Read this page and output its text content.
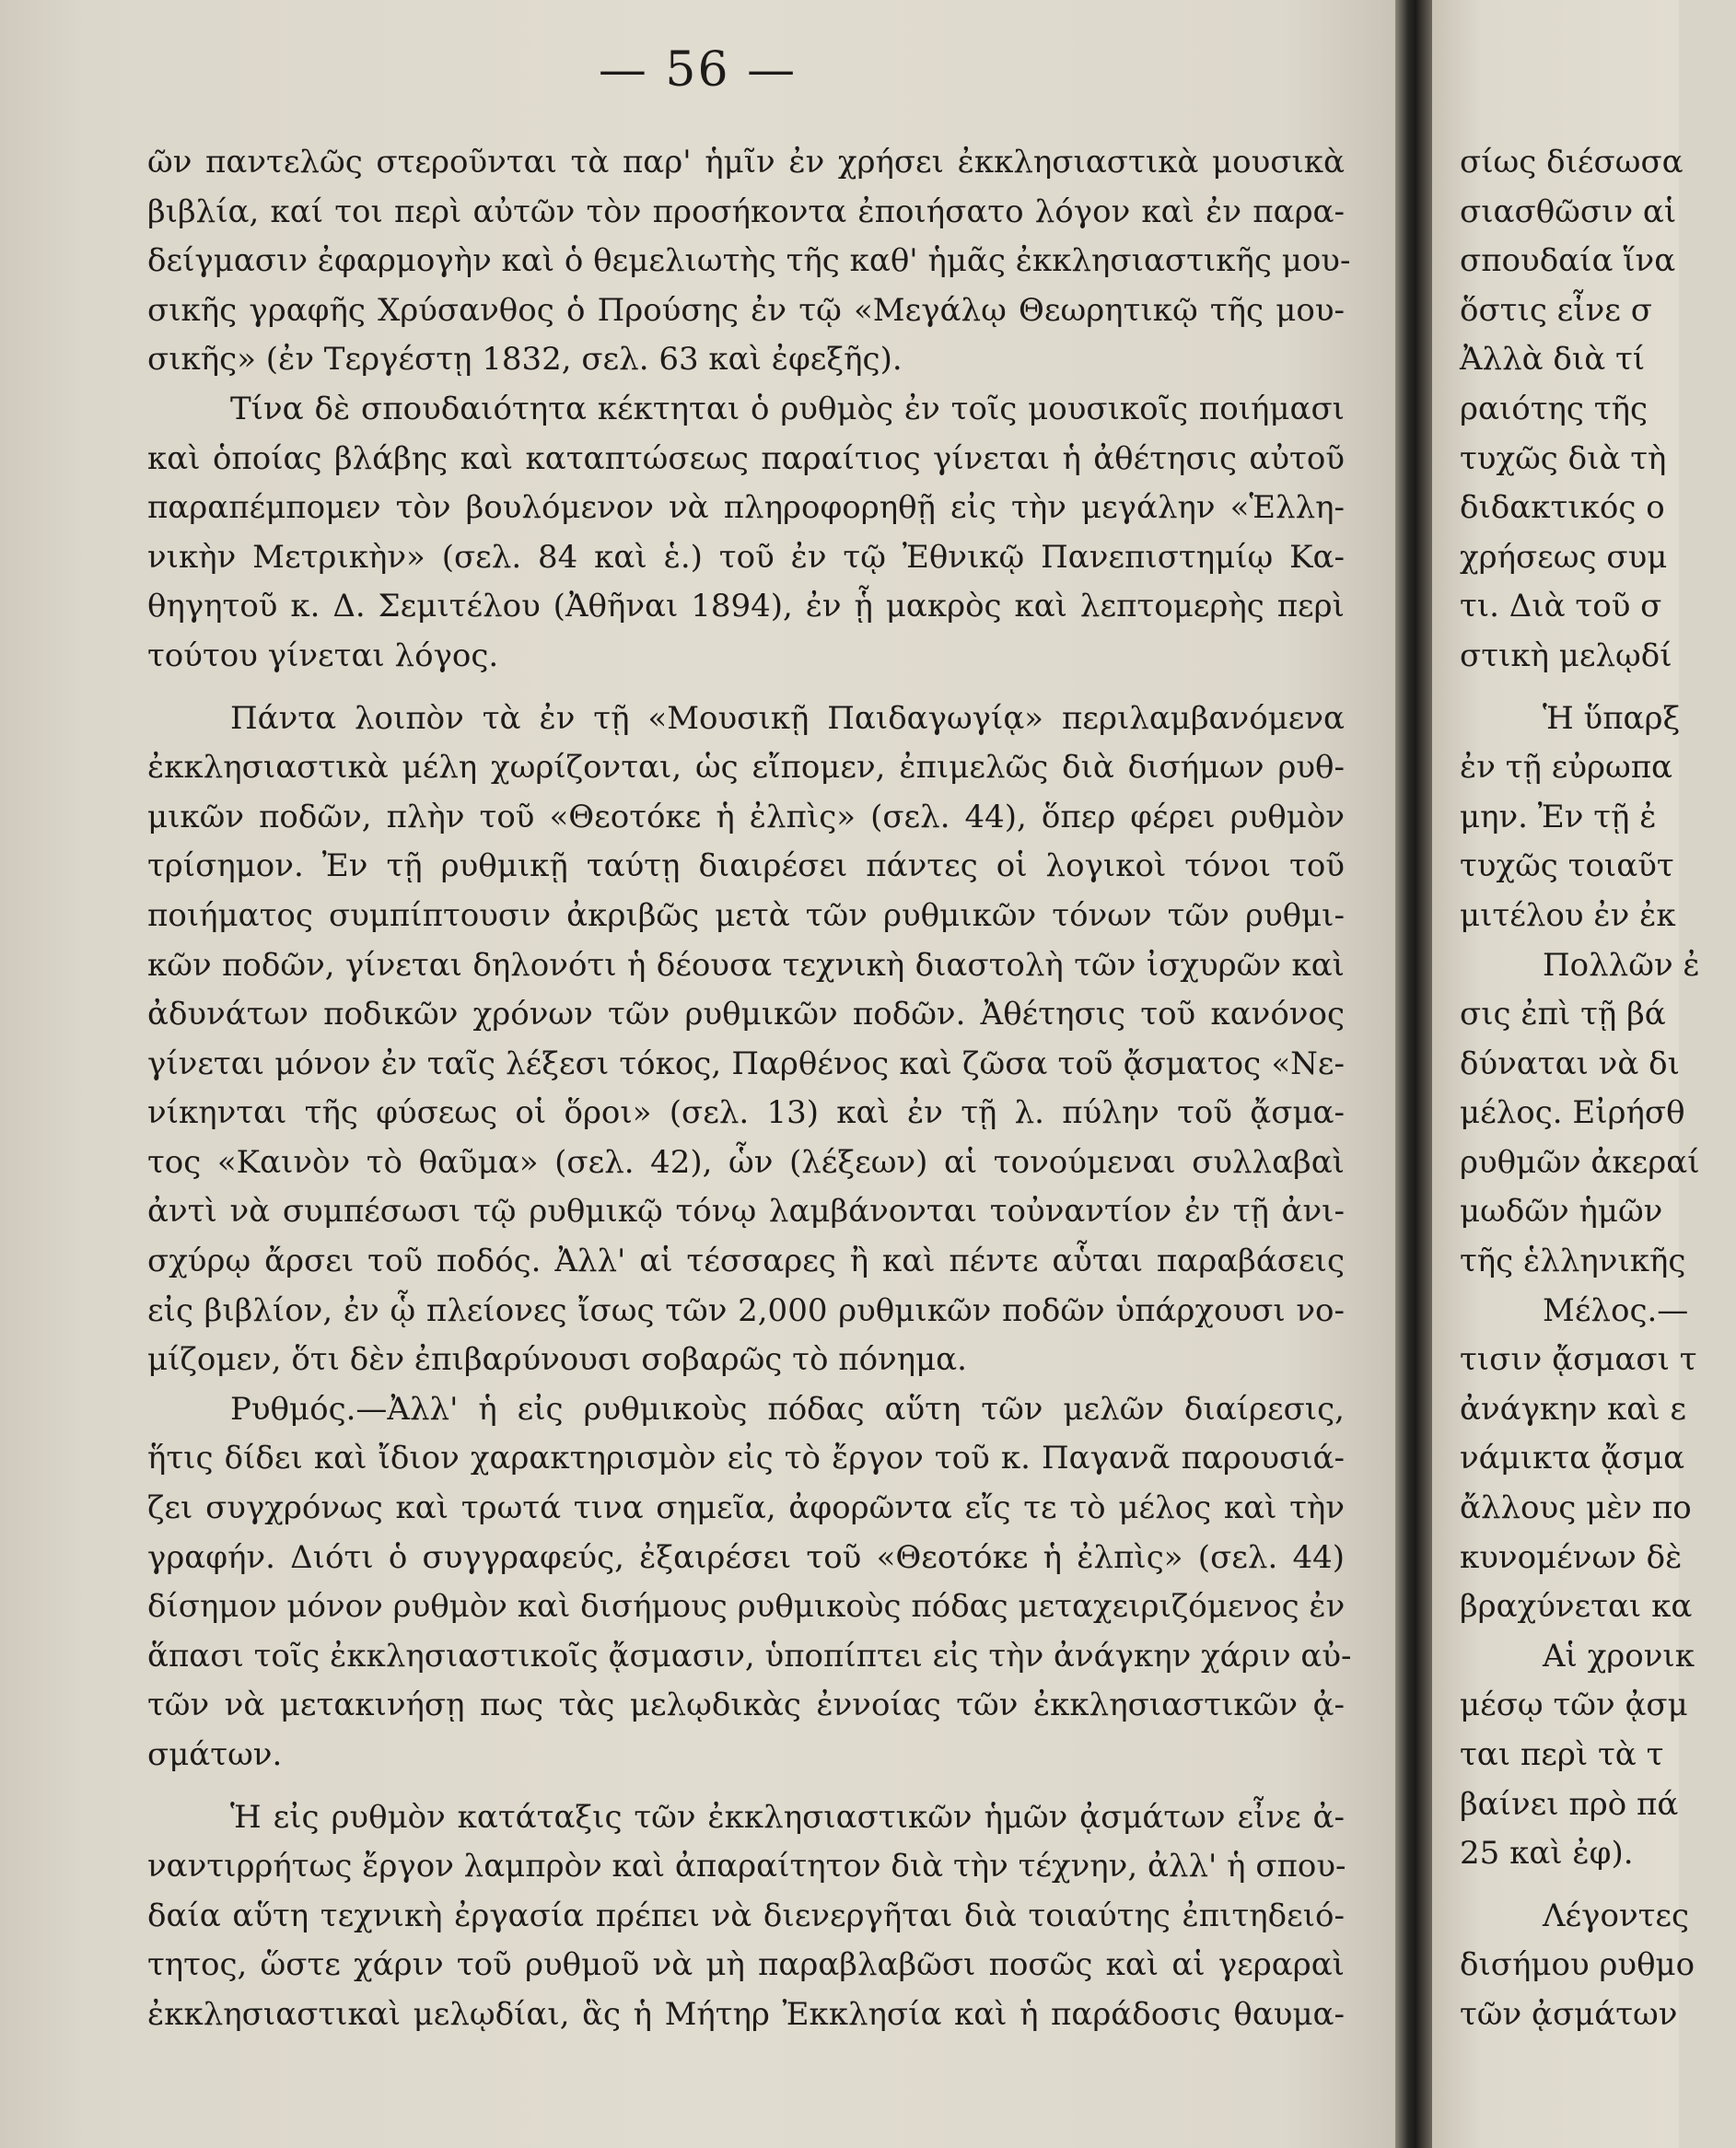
— 56 —
ῶν παντελῶς στεροῦνται τὰ παρ' ἡμῖν ἐν χρήσει ἐκκλησιαστικὰ μουσικὰ
βιβλία, καί τοι περὶ αὐτῶν τὸν προσήκοντα ἐποιήσατο λόγον καὶ ἐν παρα-
δείγμασιν ἐφαρμογὴν καὶ ὁ θεμελιωτὴς τῆς καθ' ἡμᾶς ἐκκλησιαστικῆς μου-
σικῆς γραφῆς Χρύσανθος ὁ Προύσης ἐν τῷ «Μεγάλῳ Θεωρητικῷ τῆς μου-
σικῆς» (ἐν Τεργέστῃ 1832, σελ. 63 καὶ ἐφεξῆς).
Τίνα δὲ σπουδαιότητα κέκτηται ὁ ρυθμὸς ἐν τοῖς μουσικοῖς ποιήμασι
καὶ ὁποίας βλάβης καὶ καταπτώσεως παραίτιος γίνεται ἡ ἀθέτησις αὐτοῦ
παραπέμπομεν τὸν βουλόμενον νὰ πληροφορηθῇ εἰς τὴν μεγάλην «Ἑλλη-
νικὴν Μετρικὴν» (σελ. 84 καὶ ἑ.) τοῦ ἐν τῷ Ἐθνικῷ Πανεπιστημίῳ Κα-
θηγητοῦ κ. Δ. Σεμιτέλου (Ἀθῆναι 1894), ἐν ᾗ μακρὸς καὶ λεπτομερὴς περὶ
τούτου γίνεται λόγος.
Πάντα λοιπὸν τὰ ἐν τῇ «Μουσικῇ Παιδαγωγίᾳ» περιλαμβανόμενα
ἐκκλησιαστικὰ μέλη χωρίζονται, ὡς εἴπομεν, ἐπιμελῶς διὰ δισήμων ρυθ-
μικῶν ποδῶν, πλὴν τοῦ «Θεοτόκε ἡ ἐλπὶς» (σελ. 44), ὅπερ φέρει ρυθμὸν
τρίσημον. Ἐν τῇ ρυθμικῇ ταύτῃ διαιρέσει πάντες οἱ λογικοὶ τόνοι τοῦ
ποιήματος συμπίπτουσιν ἀκριβῶς μετὰ τῶν ρυθμικῶν τόνων τῶν ρυθμι-
κῶν ποδῶν, γίνεται δηλονότι ἡ δέουσα τεχνικὴ διαστολὴ τῶν ἰσχυρῶν καὶ
ἀδυνάτων ποδικῶν χρόνων τῶν ρυθμικῶν ποδῶν. Ἀθέτησις τοῦ κανόνος
γίνεται μόνον ἐν ταῖς λέξεσι τόκος, Παρθένος καὶ ζῶσα τοῦ ᾄσματος «Νε-
νίκηνται τῆς φύσεως οἱ ὅροι» (σελ. 13) καὶ ἐν τῇ λ. πύλην τοῦ ᾄσμα-
τος «Καινὸν τὸ θαῦμα» (σελ. 42), ὧν (λέξεων) αἱ τονούμεναι συλλαβαὶ
ἀντὶ νὰ συμπέσωσι τῷ ρυθμικῷ τόνῳ λαμβάνονται τοὐναντίον ἐν τῇ ἀνι-
σχύρῳ ἄρσει τοῦ ποδός. Ἀλλ' αἱ τέσσαρες ἢ καὶ πέντε αὗται παραβάσεις
εἰς βιβλίον, ἐν ᾧ πλείονες ἴσως τῶν 2,000 ρυθμικῶν ποδῶν ὑπάρχουσι νο-
μίζομεν, ὅτι δὲν ἐπιβαρύνουσι σοβαρῶς τὸ πόνημα.
Ρυθμός.—Ἀλλ' ἡ εἰς ρυθμικοὺς πόδας αὕτη τῶν μελῶν διαίρεσις,
ἥτις δίδει καὶ ἴδιον χαρακτηρισμὸν εἰς τὸ ἔργον τοῦ κ. Παγανᾶ παρουσιά-
ζει συγχρόνως καὶ τρωτά τινα σημεῖα, ἀφορῶντα εἴς τε τὸ μέλος καὶ τὴν
γραφήν. Διότι ὁ συγγραφεύς, ἐξαιρέσει τοῦ «Θεοτόκε ἡ ἐλπὶς» (σελ. 44)
δίσημον μόνον ρυθμὸν καὶ δισήμους ρυθμικοὺς πόδας μεταχειριζόμενος ἐν
ἅπασι τοῖς ἐκκλησιαστικοῖς ᾄσμασιν, ὑποπίπτει εἰς τὴν ἀνάγκην χάριν αὐ-
τῶν νὰ μετακινήσῃ πως τὰς μελῳδικὰς ἐννοίας τῶν ἐκκλησιαστικῶν ᾀ-
σμάτων.
Ἡ εἰς ρυθμὸν κατάταξις τῶν ἐκκλησιαστικῶν ἡμῶν ᾀσμάτων εἶνε ἀ-
ναντιρρήτως ἔργον λαμπρὸν καὶ ἀπαραίτητον διὰ τὴν τέχνην, ἀλλ' ἡ σπου-
δαία αὕτη τεχνικὴ ἐργασία πρέπει νὰ διενεργῆται διὰ τοιαύτης ἐπιτηδειό-
τητος, ὥστε χάριν τοῦ ρυθμοῦ νὰ μὴ παραβλαβῶσι ποσῶς καὶ αἱ γεραραὶ
ἐκκλησιαστικαὶ μελῳδίαι, ἃς ἡ Μήτηρ Ἐκκλησία καὶ ἡ παράδοσις θαυμα-
σίως διέσωσα
σιασθῶσιν αἱ
σπουδαία ἵνα
ὅστις εἶνε σ
Ἀλλὰ διὰ τί
ραιότης τῆς
τυχῶς διὰ τὴ
διδακτικός ο
χρήσεως συμ
τι. Διὰ τοῦ σ
στικὴ μελῳδί
Ἡ ὕπαρξ
ἐν τῇ εὐρωπα
μην. Ἐν τῇ ἐ
τυχῶς τοιαῦτ
μιτέλου ἐν ἐκ
Πολλῶν ἐ
σις ἐπὶ τῇ βά
δύναται νὰ δι
μέλος. Εἰρήσθ
ρυθμῶν ἀκεραί
μωδῶν ἡμῶν
τῆς ἑλληνικῆς
Μέλος.—
τισιν ᾄσμασι τ
ἀνάγκην καὶ ε
νάμικτα ᾄσμα
ἄλλους μὲν πο
κυνομένων δὲ
βραχύνεται κα
Αἱ χρονικ
μέσῳ τῶν ᾀσμ
ται περὶ τὰ τ
βαίνει πρὸ πά
25 καὶ ἐφ).
Λέγοντες
δισήμου ρυθμο
τῶν ᾀσμάτων
